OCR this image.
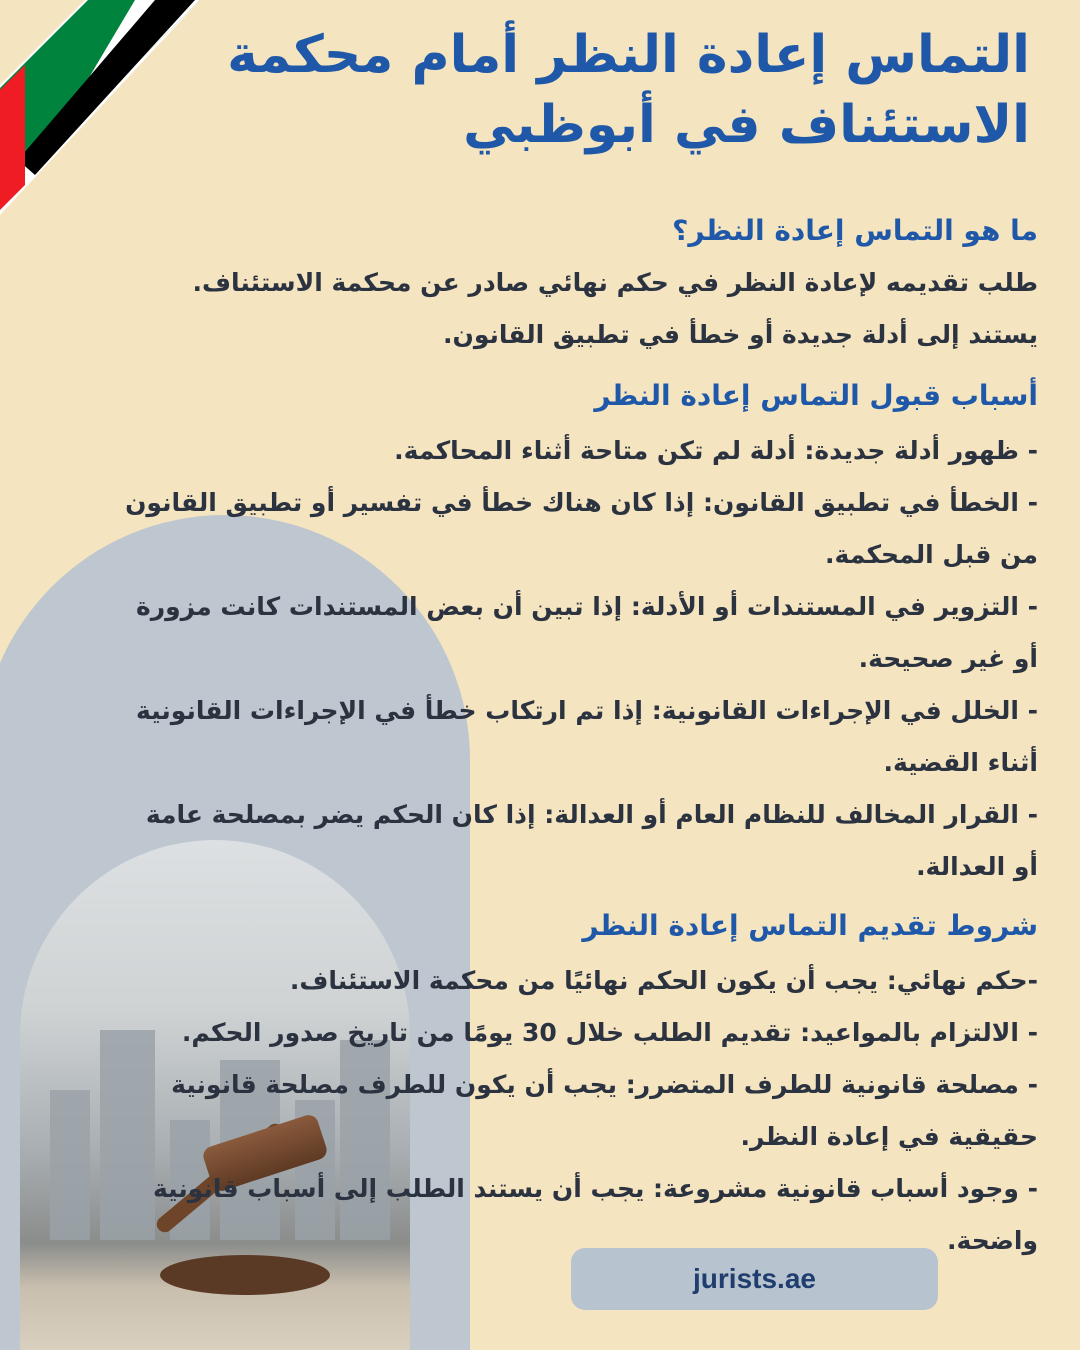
التماس إعادة النظر أمام محكمة
الاستئناف في أبوظبي

ما هو التماس إعادة النظر؟

طلب تقديمه لإعادة النظر في حكم نهائي صادر عن محكمة الاستئناف.

يستند إلى أدلة جديدة أو خطأ في تطبيق القانون.

أسباب قبول التماس إعادة النظر

- ظهور أدلة جديدة: أدلة لم تكن متاحة أثناء المحاكمة.

- الخطأ في تطبيق القانون: إذا كان هناك خطأ في تفسير أو تطبيق القانون

من قبل المحكمة.

- التزوير في المستندات أو الأدلة: إذا تبين أن بعض المستندات كانت مزورة

أو غير صحيحة.

- الخلل في الإجراءات القانونية: إذا تم ارتكاب خطأ في الإجراءات القانونية

أثناء القضية.

- القرار المخالف للنظام العام أو العدالة: إذا كان الحكم يضر بمصلحة عامة

أو العدالة.

شروط تقديم التماس إعادة النظر

-حكم نهائي: يجب أن يكون الحكم نهائيًا من محكمة الاستئناف.

- الالتزام بالمواعيد: تقديم الطلب خلال 30 يومًا من تاريخ صدور الحكم.

- مصلحة قانونية للطرف المتضرر: يجب أن يكون للطرف مصلحة قانونية

حقيقية في إعادة النظر.

- وجود أسباب قانونية مشروعة: يجب أن يستند الطلب إلى أسباب قانونية

واضحة.

jurists.ae
